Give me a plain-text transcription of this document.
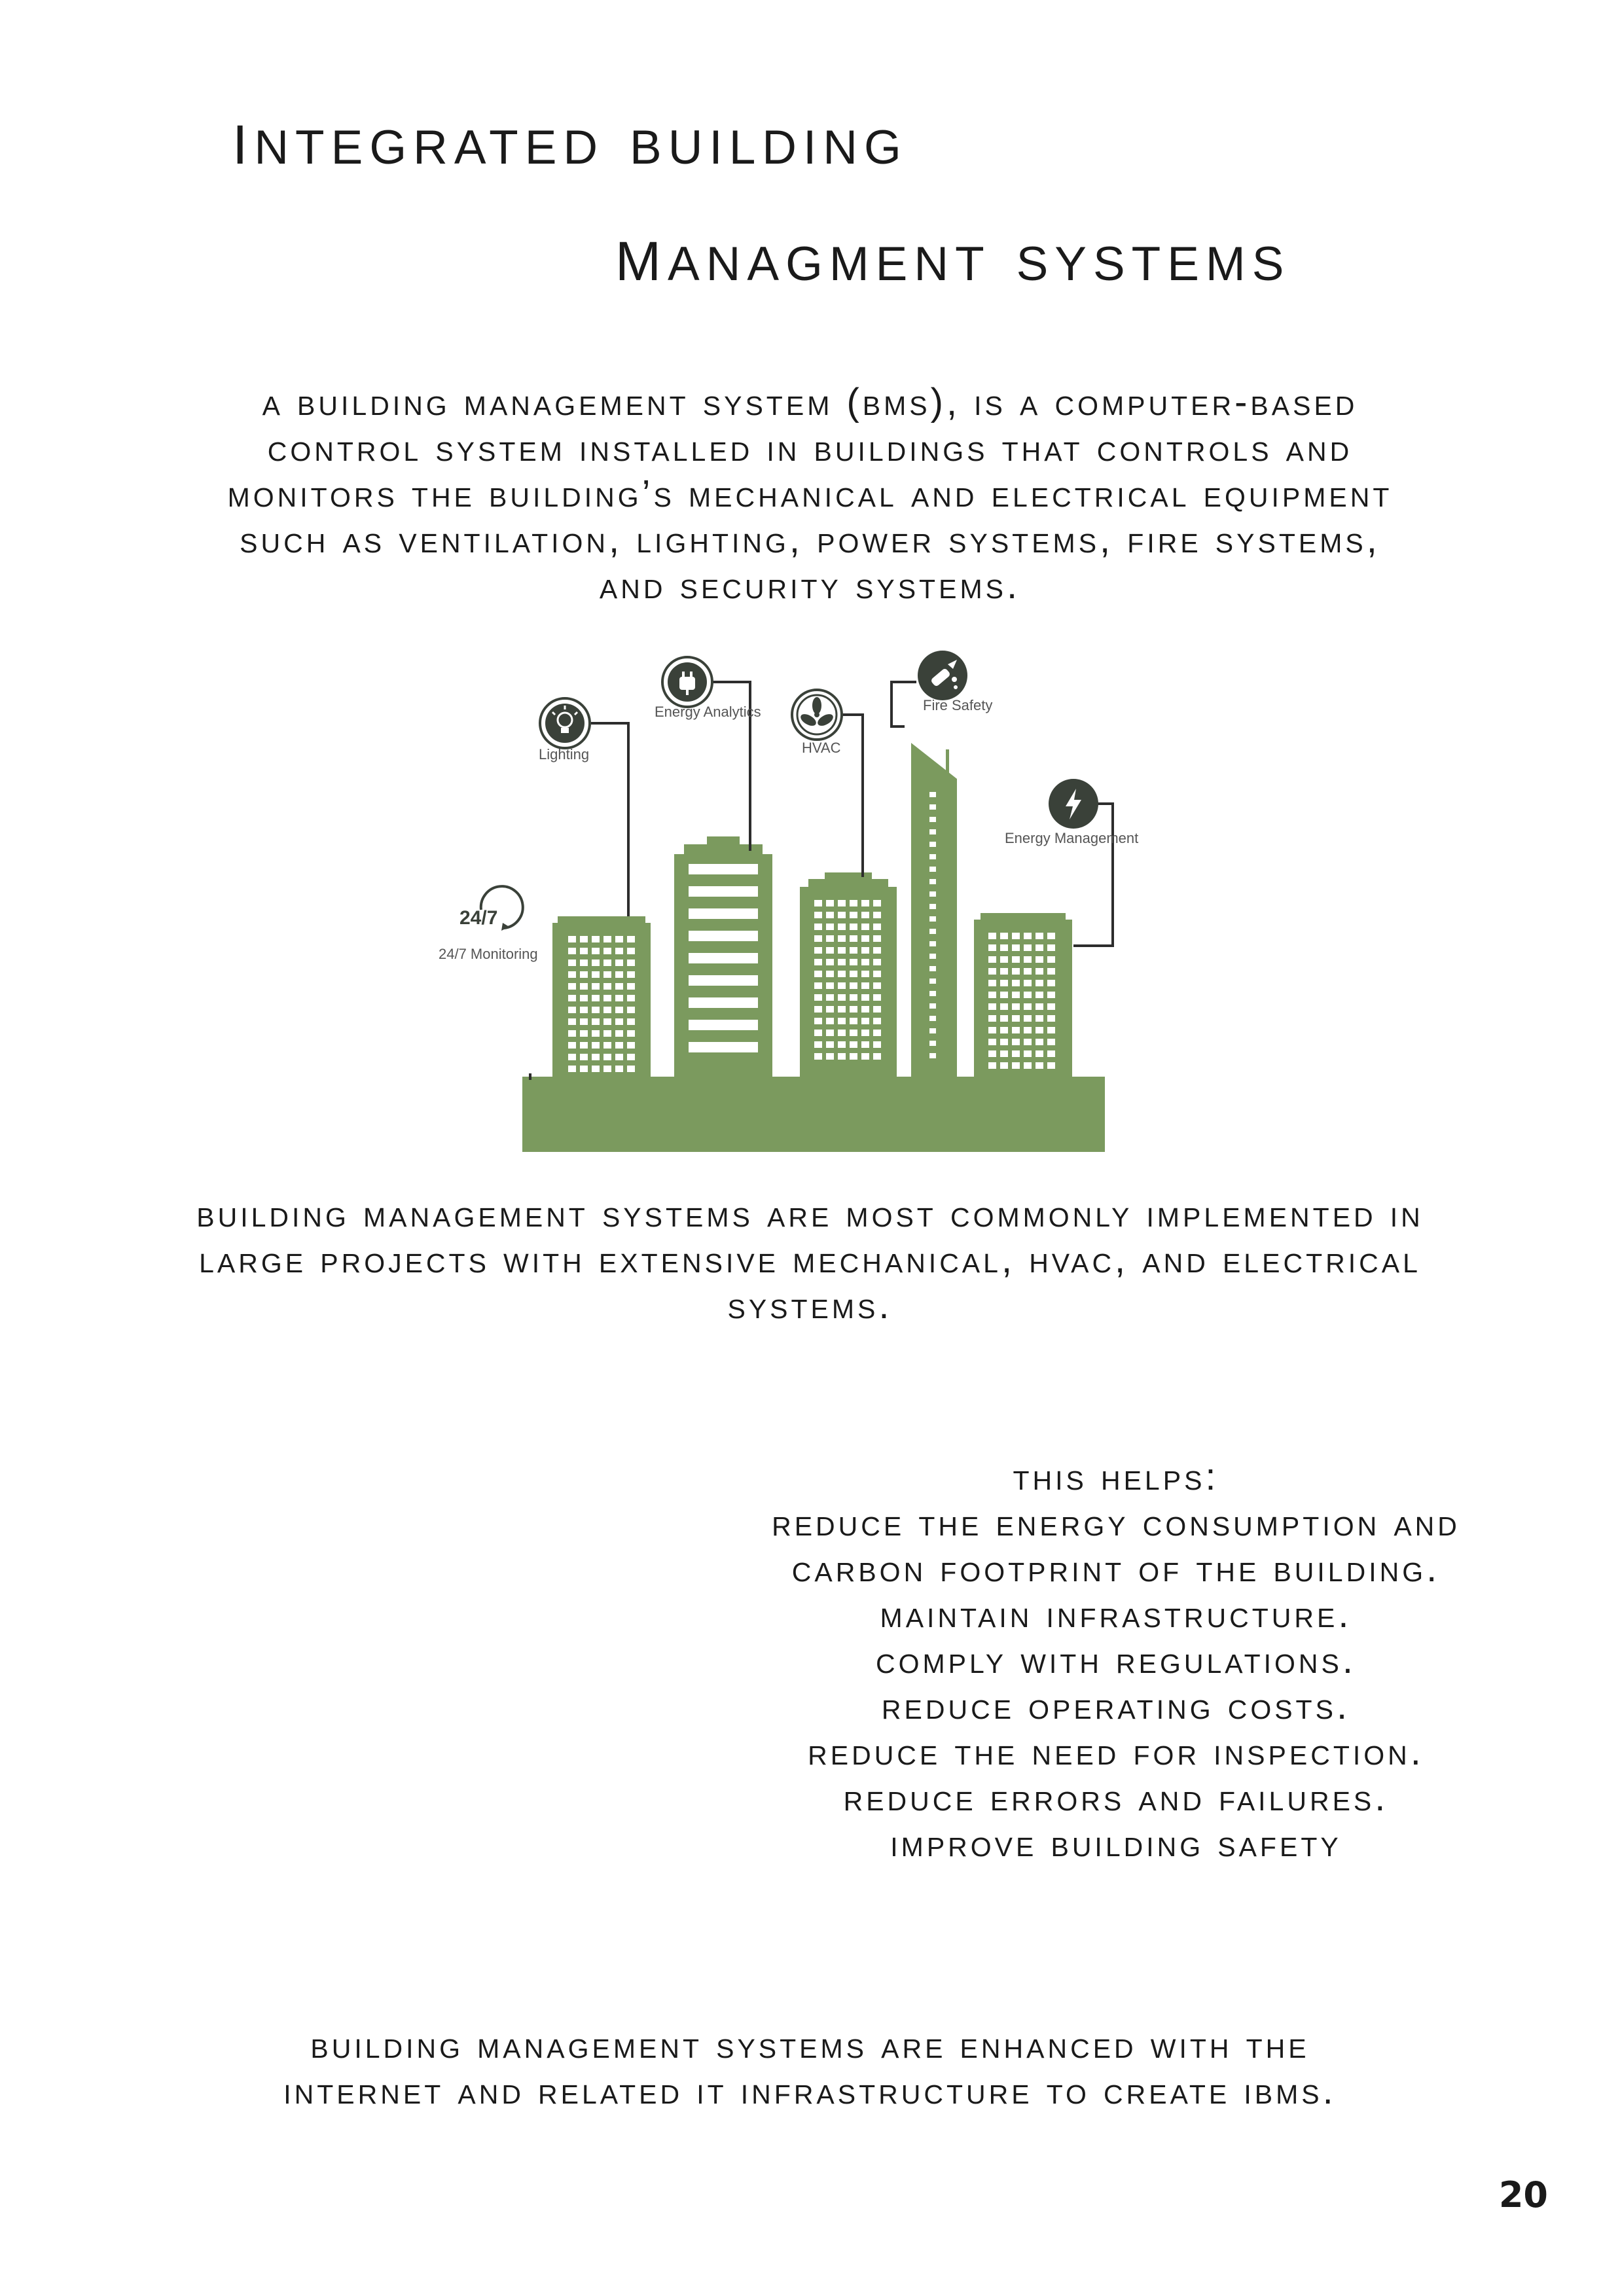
integrated building
managment systems
a building management system (bms), is a computer-based
control system installed in buildings that controls and
monitors the building’s mechanical and electrical equipment
such as ventilation, lighting, power systems, fire systems,
and security systems.
Energy Analytics	Fire Safety
Lighting	HVAC
Energy Management
24/7
24/7 Monitoring
building management systems are most commonly implemented in
large projects with extensive mechanical, hvac, and electrical
systems.
this helps:
reduce the energy consumption and
carbon footprint of the building.
maintain infrastructure.
comply with regulations.
reduce operating costs.
reduce the need for inspection.
reduce errors and failures.
improve building safety
building management systems are enhanced with the
internet and related it infrastructure to create ibms.
20
